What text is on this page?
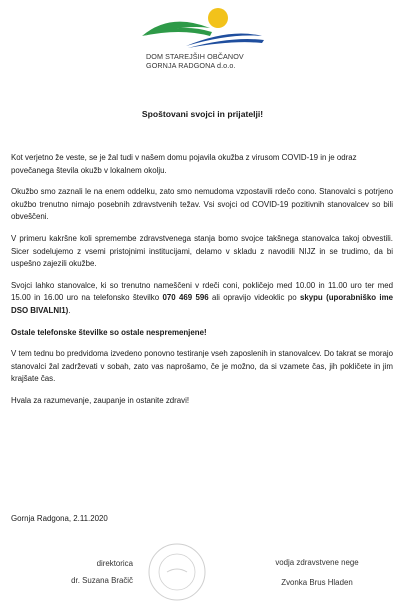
DOM STAREJŠIH OBČANOV
GORNJA RADGONA d.o.o.
Spoštovani svojci in prijatelji!

Kot verjetno že veste, se je žal tudi v našem domu pojavila okužba z virusom COVID-19 in je odraz povečanega števila okužb v lokalnem okolju.

Okužbo smo zaznali le na enem oddelku, zato smo nemudoma vzpostavili rdečo cono. Stanovalci s potrjeno okužbo trenutno nimajo posebnih zdravstvenih težav. Vsi svojci od COVID-19 pozitivnih stanovalcev so bili obveščeni.

V primeru kakršne koli spremembe zdravstvenega stanja bomo svojce takšnega stanovalca takoj obvestili. Sicer sodelujemo z vsemi pristojnimi institucijami, delamo v skladu z navodili NIJZ in se trudimo, da bi uspešno zajezili okužbe.

Svojci lahko stanovalce, ki so trenutno nameščeni v rdeči coni, pokličejo med 10.00 in 11.00 uro ter med 15.00 in 16.00 uro na telefonsko številko 070 469 596 ali opravijo videoklic po skypu (uporabniško ime DSO BIVALNI1).

Ostale telefonske številke so ostale nespremenjene!

V tem tednu bo predvidoma izvedeno ponovno testiranje vseh zaposlenih in stanovalcev. Do takrat se morajo stanovalci žal zadrževati v sobah, zato vas naprošamo, če je možno, da si vzamete čas, jih pokličete in jim krajšate čas.

Hvala za razumevanje, zaupanje in ostanite zdravi!

Gornja Radgona, 2.11.2020
direktorica
dr. Suzana Bračič
vodja zdravstvene nege
Zvonka Brus Hladen
